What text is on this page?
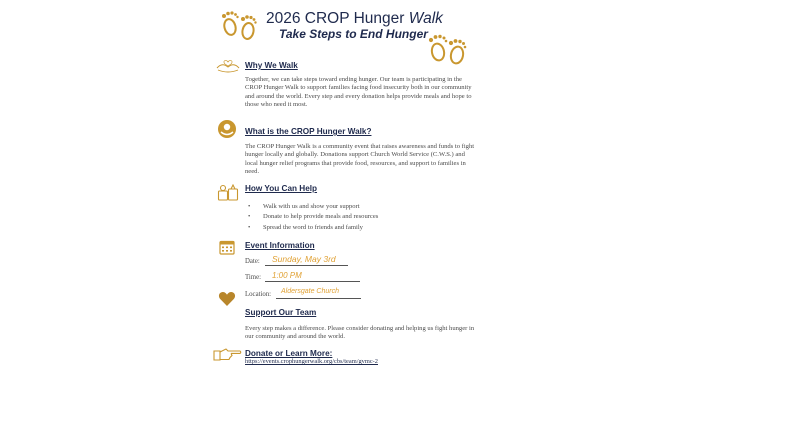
2026 CROP Hunger Walk
Take Steps to End Hunger
Why We Walk
Together, we can take steps toward ending hunger. Our team is participating in the CROP Hunger Walk to support families facing food insecurity both in our community and around the world. Every step and every donation helps provide meals and hope to those who need it most.
What is the CROP Hunger Walk?
The CROP Hunger Walk is a community event that raises awareness and funds to fight hunger locally and globally. Donations support Church World Service (C.W.S.) and local hunger relief programs that provide food, resources, and support to families in need.
How You Can Help
• Walk with us and show your support
• Donate to help provide meals and resources
• Spread the word to friends and family
Event Information
Date: Sunday, May 3rd
Time: 1:00 PM
Location: Aldersgate Church
Support Our Team
Every step makes a difference. Please consider donating and helping us fight hunger in our community and around the world.
Donate or Learn More:
https://events.crophungerwalk.org/cbs/team/gvmc-2
